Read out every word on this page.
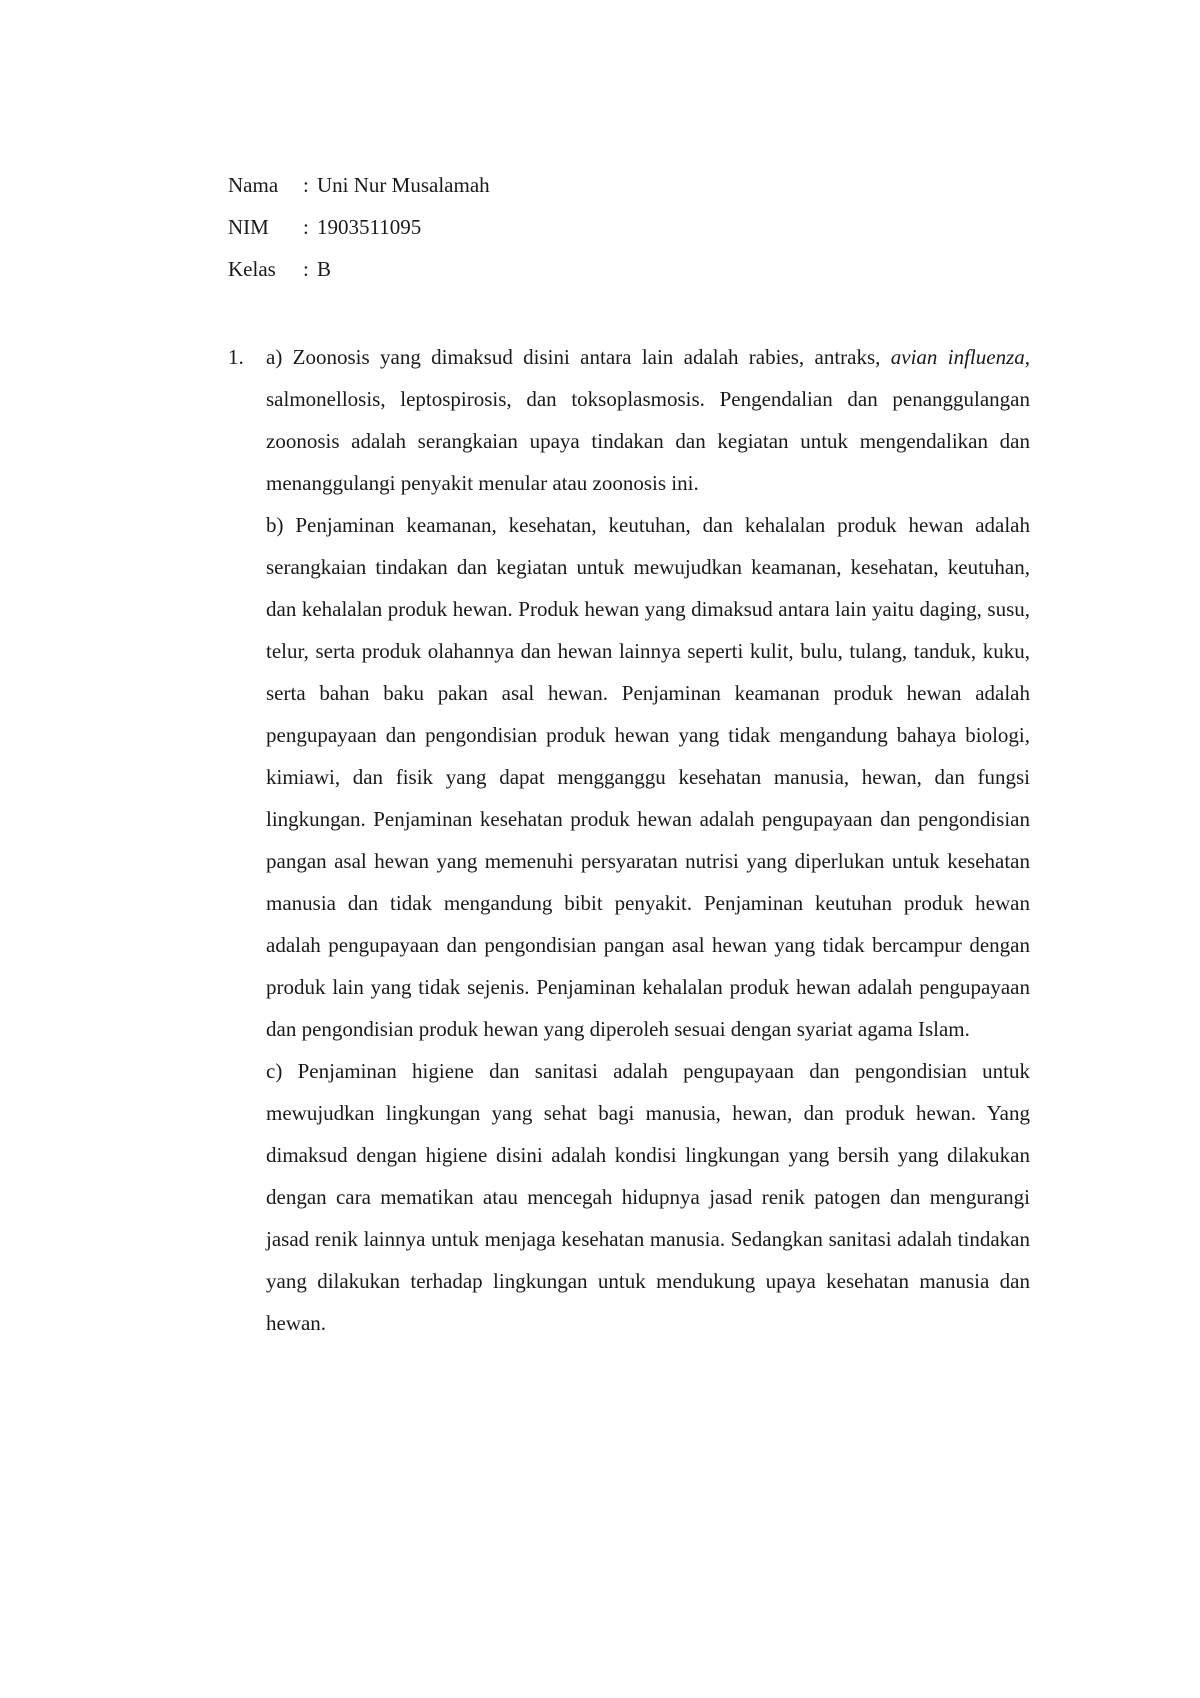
Nama	: Uni Nur Musalamah
NIM	: 1903511095
Kelas	: B
1. a) Zoonosis yang dimaksud disini antara lain adalah rabies, antraks, avian influenza, salmonellosis, leptospirosis, dan toksoplasmosis. Pengendalian dan penanggulangan zoonosis adalah serangkaian upaya tindakan dan kegiatan untuk mengendalikan dan menanggulangi penyakit menular atau zoonosis ini.

b) Penjaminan keamanan, kesehatan, keutuhan, dan kehalalan produk hewan adalah serangkaian tindakan dan kegiatan untuk mewujudkan keamanan, kesehatan, keutuhan, dan kehalalan produk hewan. Produk hewan yang dimaksud antara lain yaitu daging, susu, telur, serta produk olahannya dan hewan lainnya seperti kulit, bulu, tulang, tanduk, kuku, serta bahan baku pakan asal hewan. Penjaminan keamanan produk hewan adalah pengupayaan dan pengondisian produk hewan yang tidak mengandung bahaya biologi, kimiawi, dan fisik yang dapat mengganggu kesehatan manusia, hewan, dan fungsi lingkungan. Penjaminan kesehatan produk hewan adalah pengupayaan dan pengondisian pangan asal hewan yang memenuhi persyaratan nutrisi yang diperlukan untuk kesehatan manusia dan tidak mengandung bibit penyakit. Penjaminan keutuhan produk hewan adalah pengupayaan dan pengondisian pangan asal hewan yang tidak bercampur dengan produk lain yang tidak sejenis. Penjaminan kehalalan produk hewan adalah pengupayaan dan pengondisian produk hewan yang diperoleh sesuai dengan syariat agama Islam.

c) Penjaminan higiene dan sanitasi adalah pengupayaan dan pengondisian untuk mewujudkan lingkungan yang sehat bagi manusia, hewan, dan produk hewan. Yang dimaksud dengan higiene disini adalah kondisi lingkungan yang bersih yang dilakukan dengan cara mematikan atau mencegah hidupnya jasad renik patogen dan mengurangi jasad renik lainnya untuk menjaga kesehatan manusia. Sedangkan sanitasi adalah tindakan yang dilakukan terhadap lingkungan untuk mendukung upaya kesehatan manusia dan hewan.
